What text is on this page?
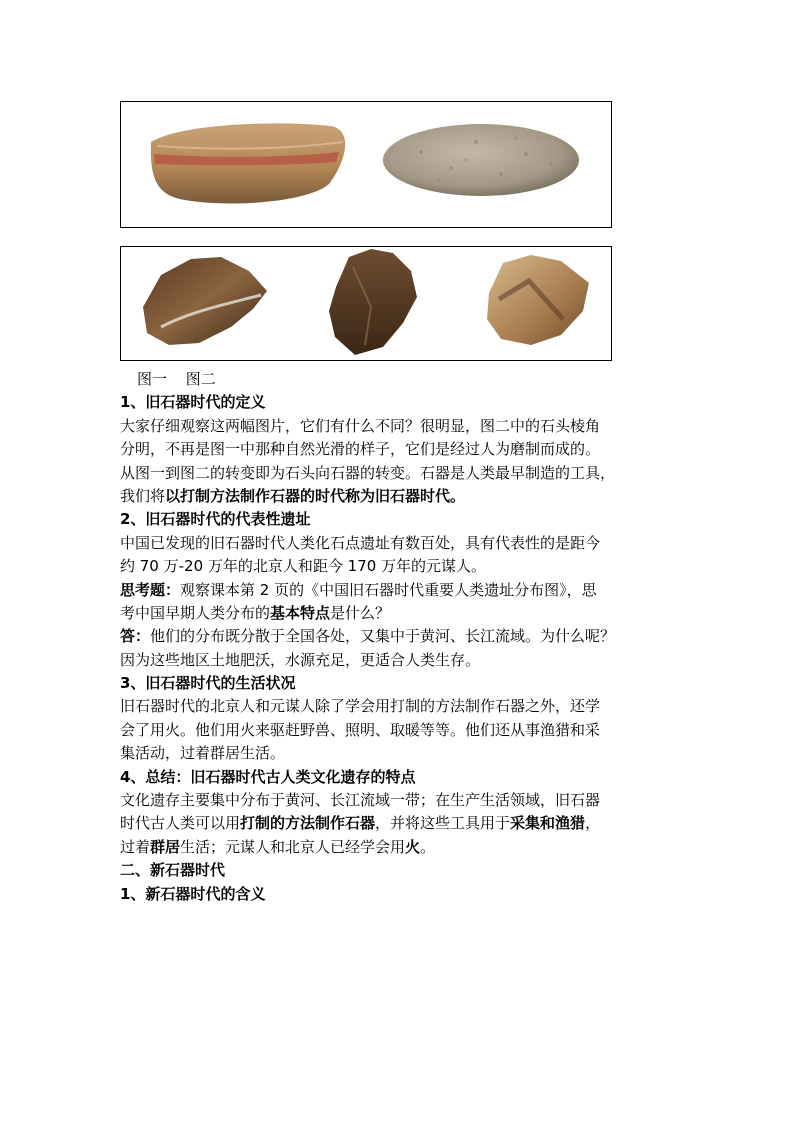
图一 图二
1、旧石器时代的定义
大家仔细观察这两幅图片，它们有什么不同？很明显，图二中的石头棱角
分明，不再是图一中那种自然光滑的样子，它们是经过人为磨制而成的。
从图一到图二的转变即为石头向石器的转变。石器是人类最早制造的工具，
我们将以打制方法制作石器的时代称为旧石器时代。
2、旧石器时代的代表性遗址
中国已发现的旧石器时代人类化石点遗址有数百处，具有代表性的是距今
约 70 万-20 万年的北京人和距今 170 万年的元谋人。
思考题：观察课本第 2 页的《中国旧石器时代重要人类遗址分布图》，思
考中国早期人类分布的基本特点是什么？
答：他们的分布既分散于全国各处，又集中于黄河、长江流域。为什么呢？
因为这些地区土地肥沃，水源充足，更适合人类生存。
3、旧石器时代的生活状况
旧石器时代的北京人和元谋人除了学会用打制的方法制作石器之外，还学
会了用火。他们用火来驱赶野兽、照明、取暖等等。他们还从事渔猎和采
集活动，过着群居生活。
4、总结：旧石器时代古人类文化遗存的特点
文化遗存主要集中分布于黄河、长江流域一带；在生产生活领域，旧石器
时代古人类可以用打制的方法制作石器，并将这些工具用于采集和渔猎，
过着群居生活；元谋人和北京人已经学会用火。
二、新石器时代
1、新石器时代的含义
